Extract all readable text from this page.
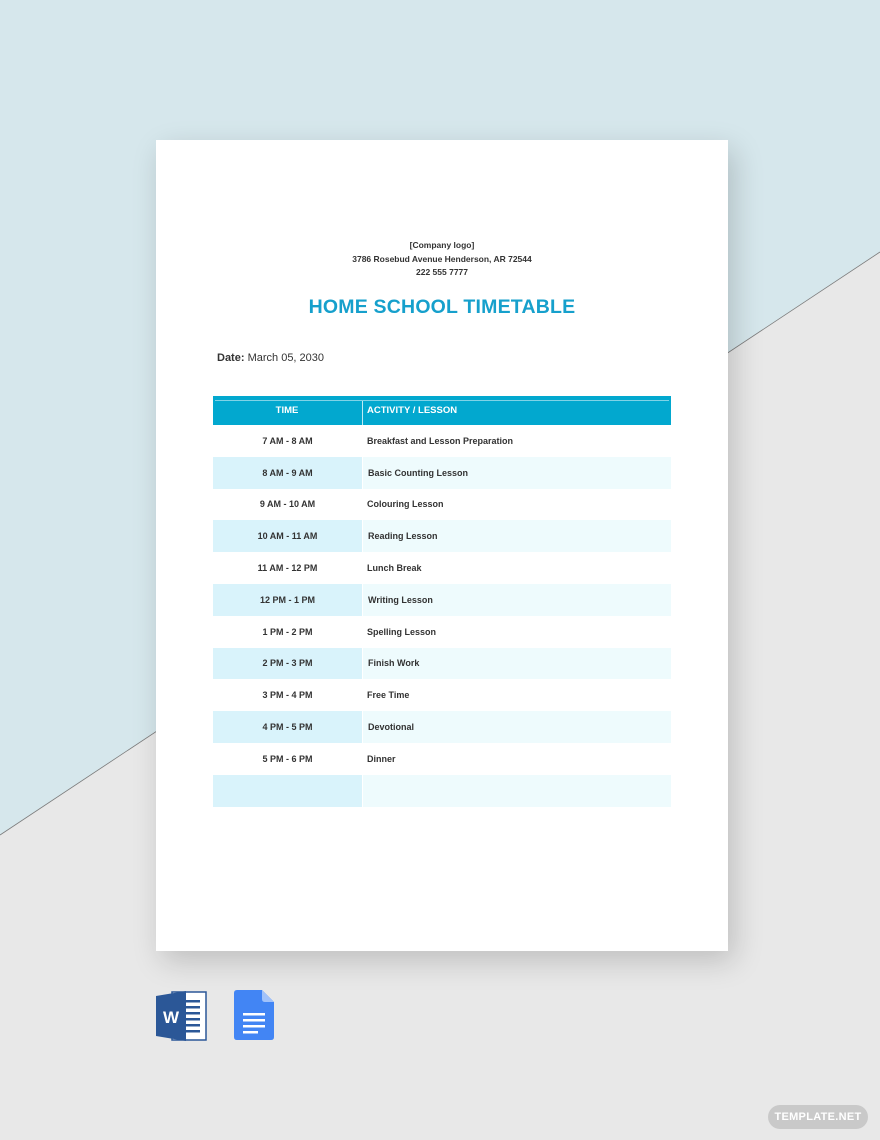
[Company logo]
3786 Rosebud Avenue Henderson, AR 72544
222 555 7777
HOME SCHOOL TIMETABLE
Date: March 05, 2030
TIME	ACTIVITY / LESSON
7 AM - 8 AM	Breakfast and Lesson Preparation
8 AM - 9 AM	Basic Counting Lesson
9 AM - 10 AM	Colouring Lesson
10 AM - 11 AM	Reading Lesson
11 AM - 12 PM	Lunch Break
12 PM - 1 PM	Writing Lesson
1 PM - 2 PM	Spelling Lesson
2 PM - 3 PM	Finish Work
3 PM - 4 PM	Free Time
4 PM - 5 PM	Devotional
5 PM - 6 PM	Dinner
W
TEMPLATE.NET
